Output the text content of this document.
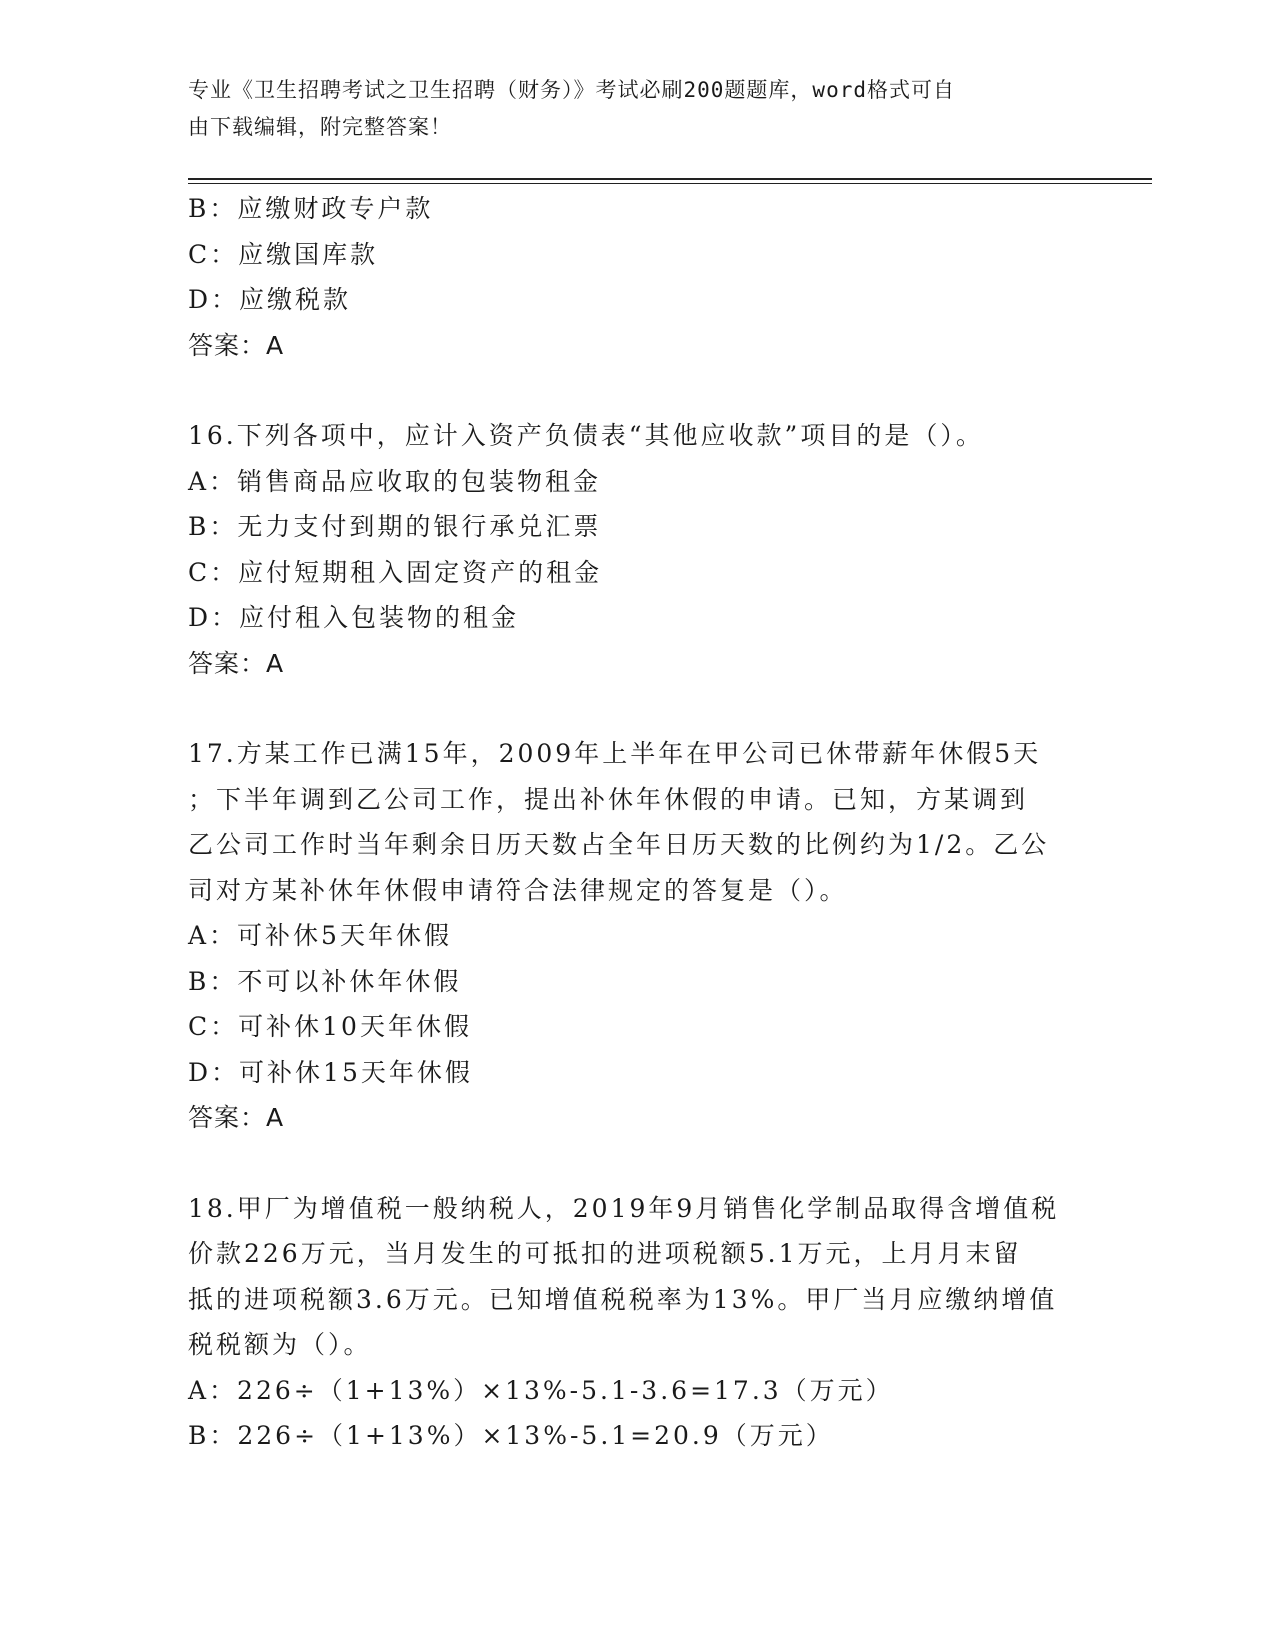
专业《卫生招聘考试之卫生招聘（财务）》考试必刷200题题库，word格式可自
由下载编辑，附完整答案！
B：应缴财政专户款
C：应缴国库款
D：应缴税款
答案：A
16.下列各项中，应计入资产负债表“其他应收款”项目的是（）。
A：销售商品应收取的包装物租金
B：无力支付到期的银行承兑汇票
C：应付短期租入固定资产的租金
D：应付租入包装物的租金
答案：A
17.方某工作已满15年，2009年上半年在甲公司已休带薪年休假5天
；下半年调到乙公司工作，提出补休年休假的申请。已知，方某调到
乙公司工作时当年剩余日历天数占全年日历天数的比例约为1/2。乙公
司对方某补休年休假申请符合法律规定的答复是（）。
A：可补休5天年休假
B：不可以补休年休假
C：可补休10天年休假
D：可补休15天年休假
答案：A
18.甲厂为增值税一般纳税人，2019年9月销售化学制品取得含增值税
价款226万元，当月发生的可抵扣的进项税额5.1万元，上月月末留
抵的进项税额3.6万元。已知增值税税率为13%。甲厂当月应缴纳增值
税税额为（）。
A：226÷（1+13%）×13%-5.1-3.6=17.3（万元）
B：226÷（1+13%）×13%-5.1=20.9（万元）
